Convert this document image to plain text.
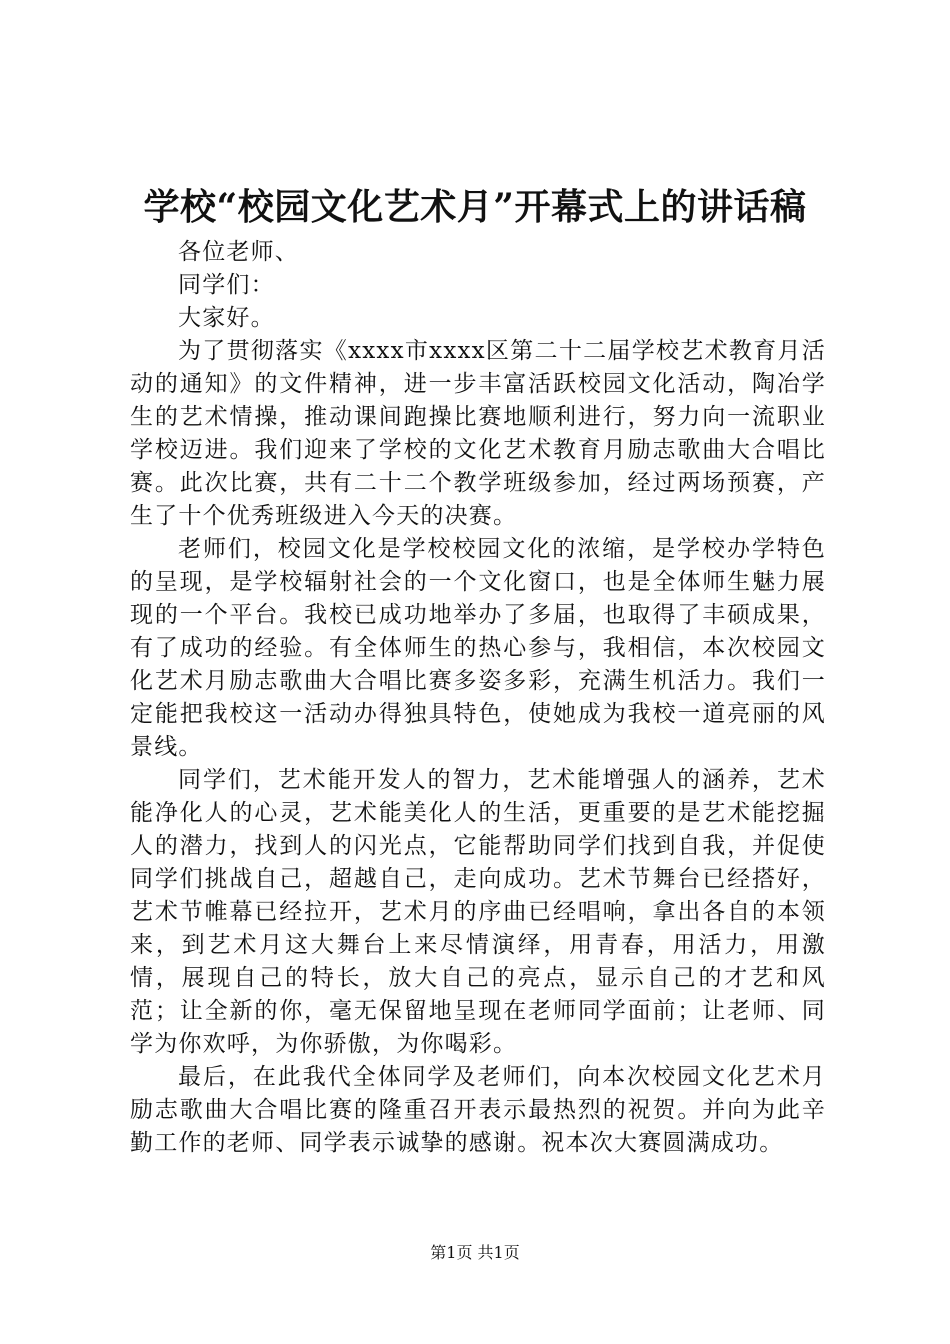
学校“校园文化艺术月”开幕式上的讲话稿

各位老师、

同学们：

大家好。

为了贯彻落实《xxxx市xxxx区第二十二届学校艺术教育月活动的通知》的文件精神，进一步丰富活跃校园文化活动，陶冶学生的艺术情操，推动课间跑操比赛地顺利进行，努力向一流职业学校迈进。我们迎来了学校的文化艺术教育月励志歌曲大合唱比赛。此次比赛，共有二十二个教学班级参加，经过两场预赛，产生了十个优秀班级进入今天的决赛。

老师们，校园文化是学校校园文化的浓缩，是学校办学特色的呈现，是学校辐射社会的一个文化窗口，也是全体师生魅力展现的一个平台。我校已成功地举办了多届，也取得了丰硕成果，有了成功的经验。有全体师生的热心参与，我相信，本次校园文化艺术月励志歌曲大合唱比赛多姿多彩，充满生机活力。我们一定能把我校这一活动办得独具特色，使她成为我校一道亮丽的风景线。

同学们，艺术能开发人的智力，艺术能增强人的涵养，艺术能净化人的心灵，艺术能美化人的生活，更重要的是艺术能挖掘人的潜力，找到人的闪光点，它能帮助同学们找到自我，并促使同学们挑战自己，超越自己，走向成功。艺术节舞台已经搭好，艺术节帷幕已经拉开，艺术月的序曲已经唱响，拿出各自的本领来，到艺术月这大舞台上来尽情演绎，用青春，用活力，用激情，展现自己的特长，放大自己的亮点，显示自己的才艺和风范；让全新的你，毫无保留地呈现在老师同学面前；让老师、同学为你欢呼，为你骄傲，为你喝彩。

最后，在此我代全体同学及老师们，向本次校园文化艺术月励志歌曲大合唱比赛的隆重召开表示最热烈的祝贺。并向为此辛勤工作的老师、同学表示诚挚的感谢。祝本次大赛圆满成功。

第1页 共1页
